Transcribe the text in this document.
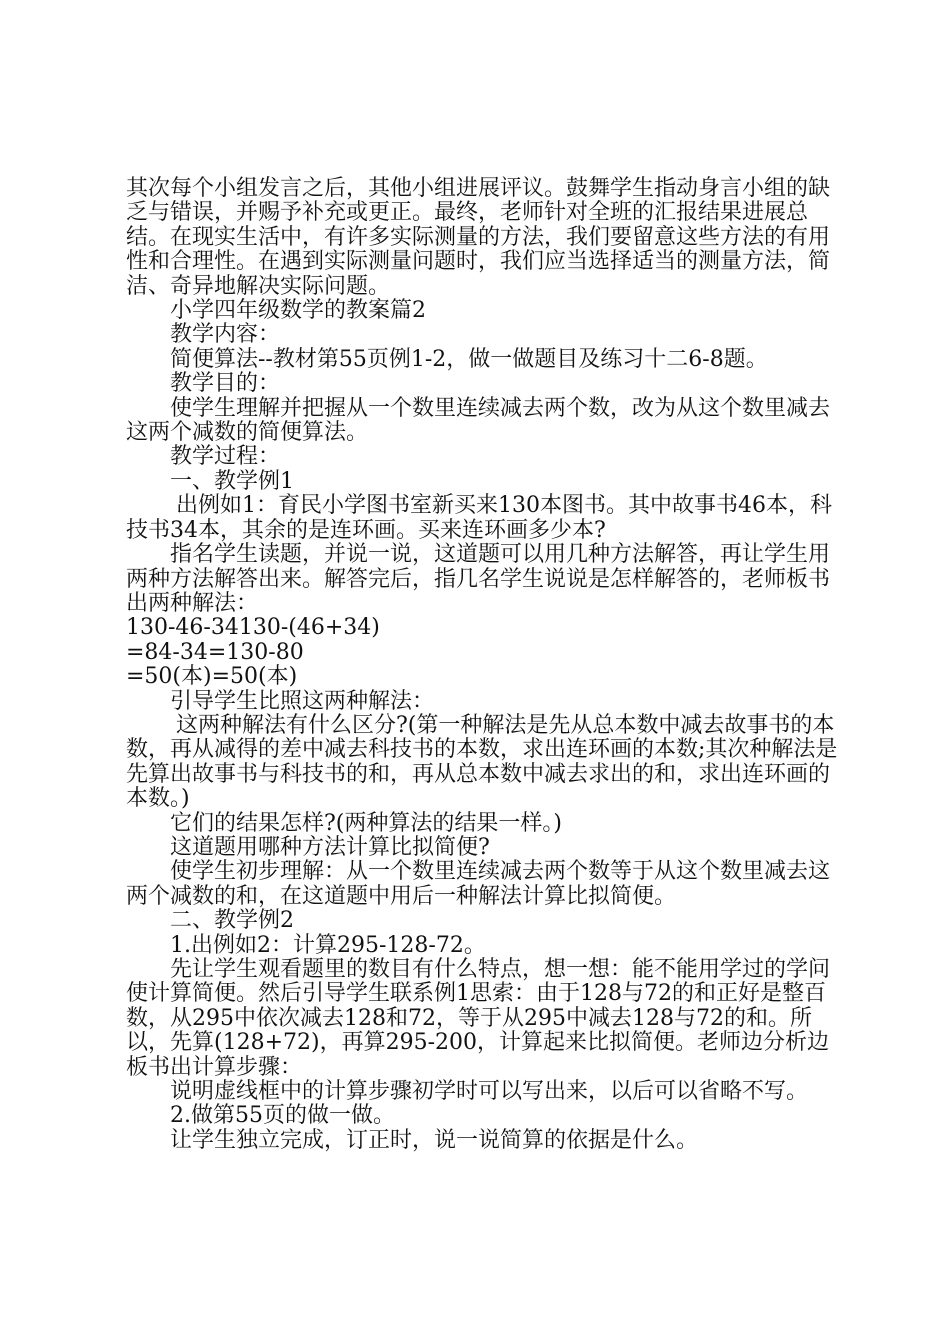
其次每个小组发言之后，其他小组进展评议。鼓舞学生指动身言小组的缺乏与错误，并赐予补充或更正。最终，老师针对全班的汇报结果进展总结。在现实生活中，有许多实际测量的方法，我们要留意这些方法的有用性和合理性。在遇到实际测量问题时，我们应当选择适当的测量方法，简洁、奇异地解决实际问题。

小学四年级数学的教案篇2

教学内容：

简便算法--教材第55页例1-2，做一做题目及练习十二6-8题。

教学目的：

使学生理解并把握从一个数里连续减去两个数，改为从这个数里减去这两个减数的简便算法。

教学过程：

一、教学例1

出例如1：育民小学图书室新买来130本图书。其中故事书46本，科技书34本，其余的是连环画。买来连环画多少本?

指名学生读题，并说一说，这道题可以用几种方法解答，再让学生用两种方法解答出来。解答完后，指几名学生说说是怎样解答的，老师板书出两种解法：

130-46-34130-(46+34)

=84-34=130-80

=50(本)=50(本)

引导学生比照这两种解法：

这两种解法有什么区分?(第一种解法是先从总本数中减去故事书的本数，再从减得的差中减去科技书的本数，求出连环画的本数;其次种解法是先算出故事书与科技书的和，再从总本数中减去求出的和，求出连环画的本数。)

它们的结果怎样?(两种算法的结果一样。)

这道题用哪种方法计算比拟简便?

使学生初步理解：从一个数里连续减去两个数等于从这个数里减去这两个减数的和，在这道题中用后一种解法计算比拟简便。

二、教学例2

1.出例如2：计算295-128-72。

先让学生观看题里的数目有什么特点，想一想：能不能用学过的学问使计算简便。然后引导学生联系例1思索：由于128与72的和正好是整百数，从295中依次减去128和72，等于从295中减去128与72的和。所以，先算(128+72)，再算295-200，计算起来比拟简便。老师边分析边板书出计算步骤：

说明虚线框中的计算步骤初学时可以写出来，以后可以省略不写。

2.做第55页的做一做。

让学生独立完成，订正时，说一说简算的依据是什么。
